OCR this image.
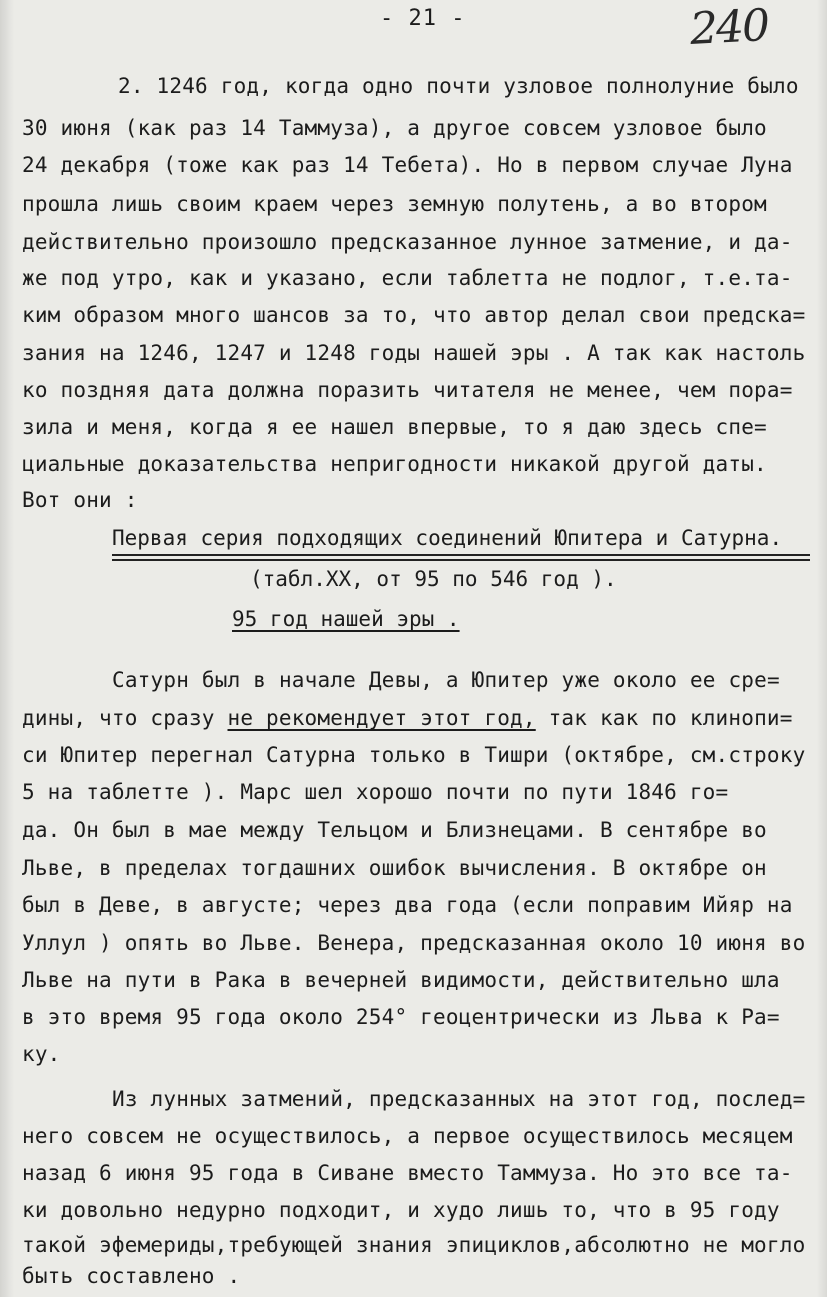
- 21 -	240
2. 1246 год, когда одно почти узловое полнолуние было
30 июня (как раз 14 Таммуза), а другое совсем узловое было
24 декабря (тоже как раз 14 Тебета). Но в первом случае Луна
прошла лишь своим краем через земную полутень, а во втором
действительно произошло предсказанное лунное затмение, и да-
же под утро, как и указано, если таблетта не подлог, т.е.та-
ким образом много шансов за то, что автор делал свои предска=
зания на 1246, 1247 и 1248 годы нашей эры . А так как настоль
ко поздняя дата должна поразить читателя не менее, чем пора=
зила и меня, когда я ее нашел впервые, то я даю здесь спе=
циальные доказательства непригодности никакой другой даты.
Вот они :
Первая серия подходящих соединений Юпитера и Сатурна.
(табл.XX, от 95 по 546 год ).
95 год нашей эры .
Сатурн был в начале Девы, а Юпитер уже около ее сре=
дины, что сразу не рекомендует этот год, так как по клинопи=
си Юпитер перегнал Сатурна только в Тишри (октябре, см.строку
5 на таблетте ). Марс шел хорошо почти по пути 1846 го=
да. Он был в мае между Тельцом и Близнецами. В сентябре во
Льве, в пределах тогдашних ошибок вычисления. В октябре он
был в Деве, в августе; через два года (если поправим Ийяр на
Уллул ) опять во Льве. Венера, предсказанная около 10 июня во
Льве на пути в Рака в вечерней видимости, действительно шла
в это время 95 года около 254° геоцентрически из Льва к Ра=
ку.
Из лунных затмений, предсказанных на этот год, послед=
него совсем не осуществилось, а первое осуществилось месяцем
назад 6 июня 95 года в Сиване вместо Таммуза. Но это все та-
ки довольно недурно подходит, и худо лишь то, что в 95 году
такой эфемериды,требующей знания эпициклов,абсолютно не могло
быть составлено .
